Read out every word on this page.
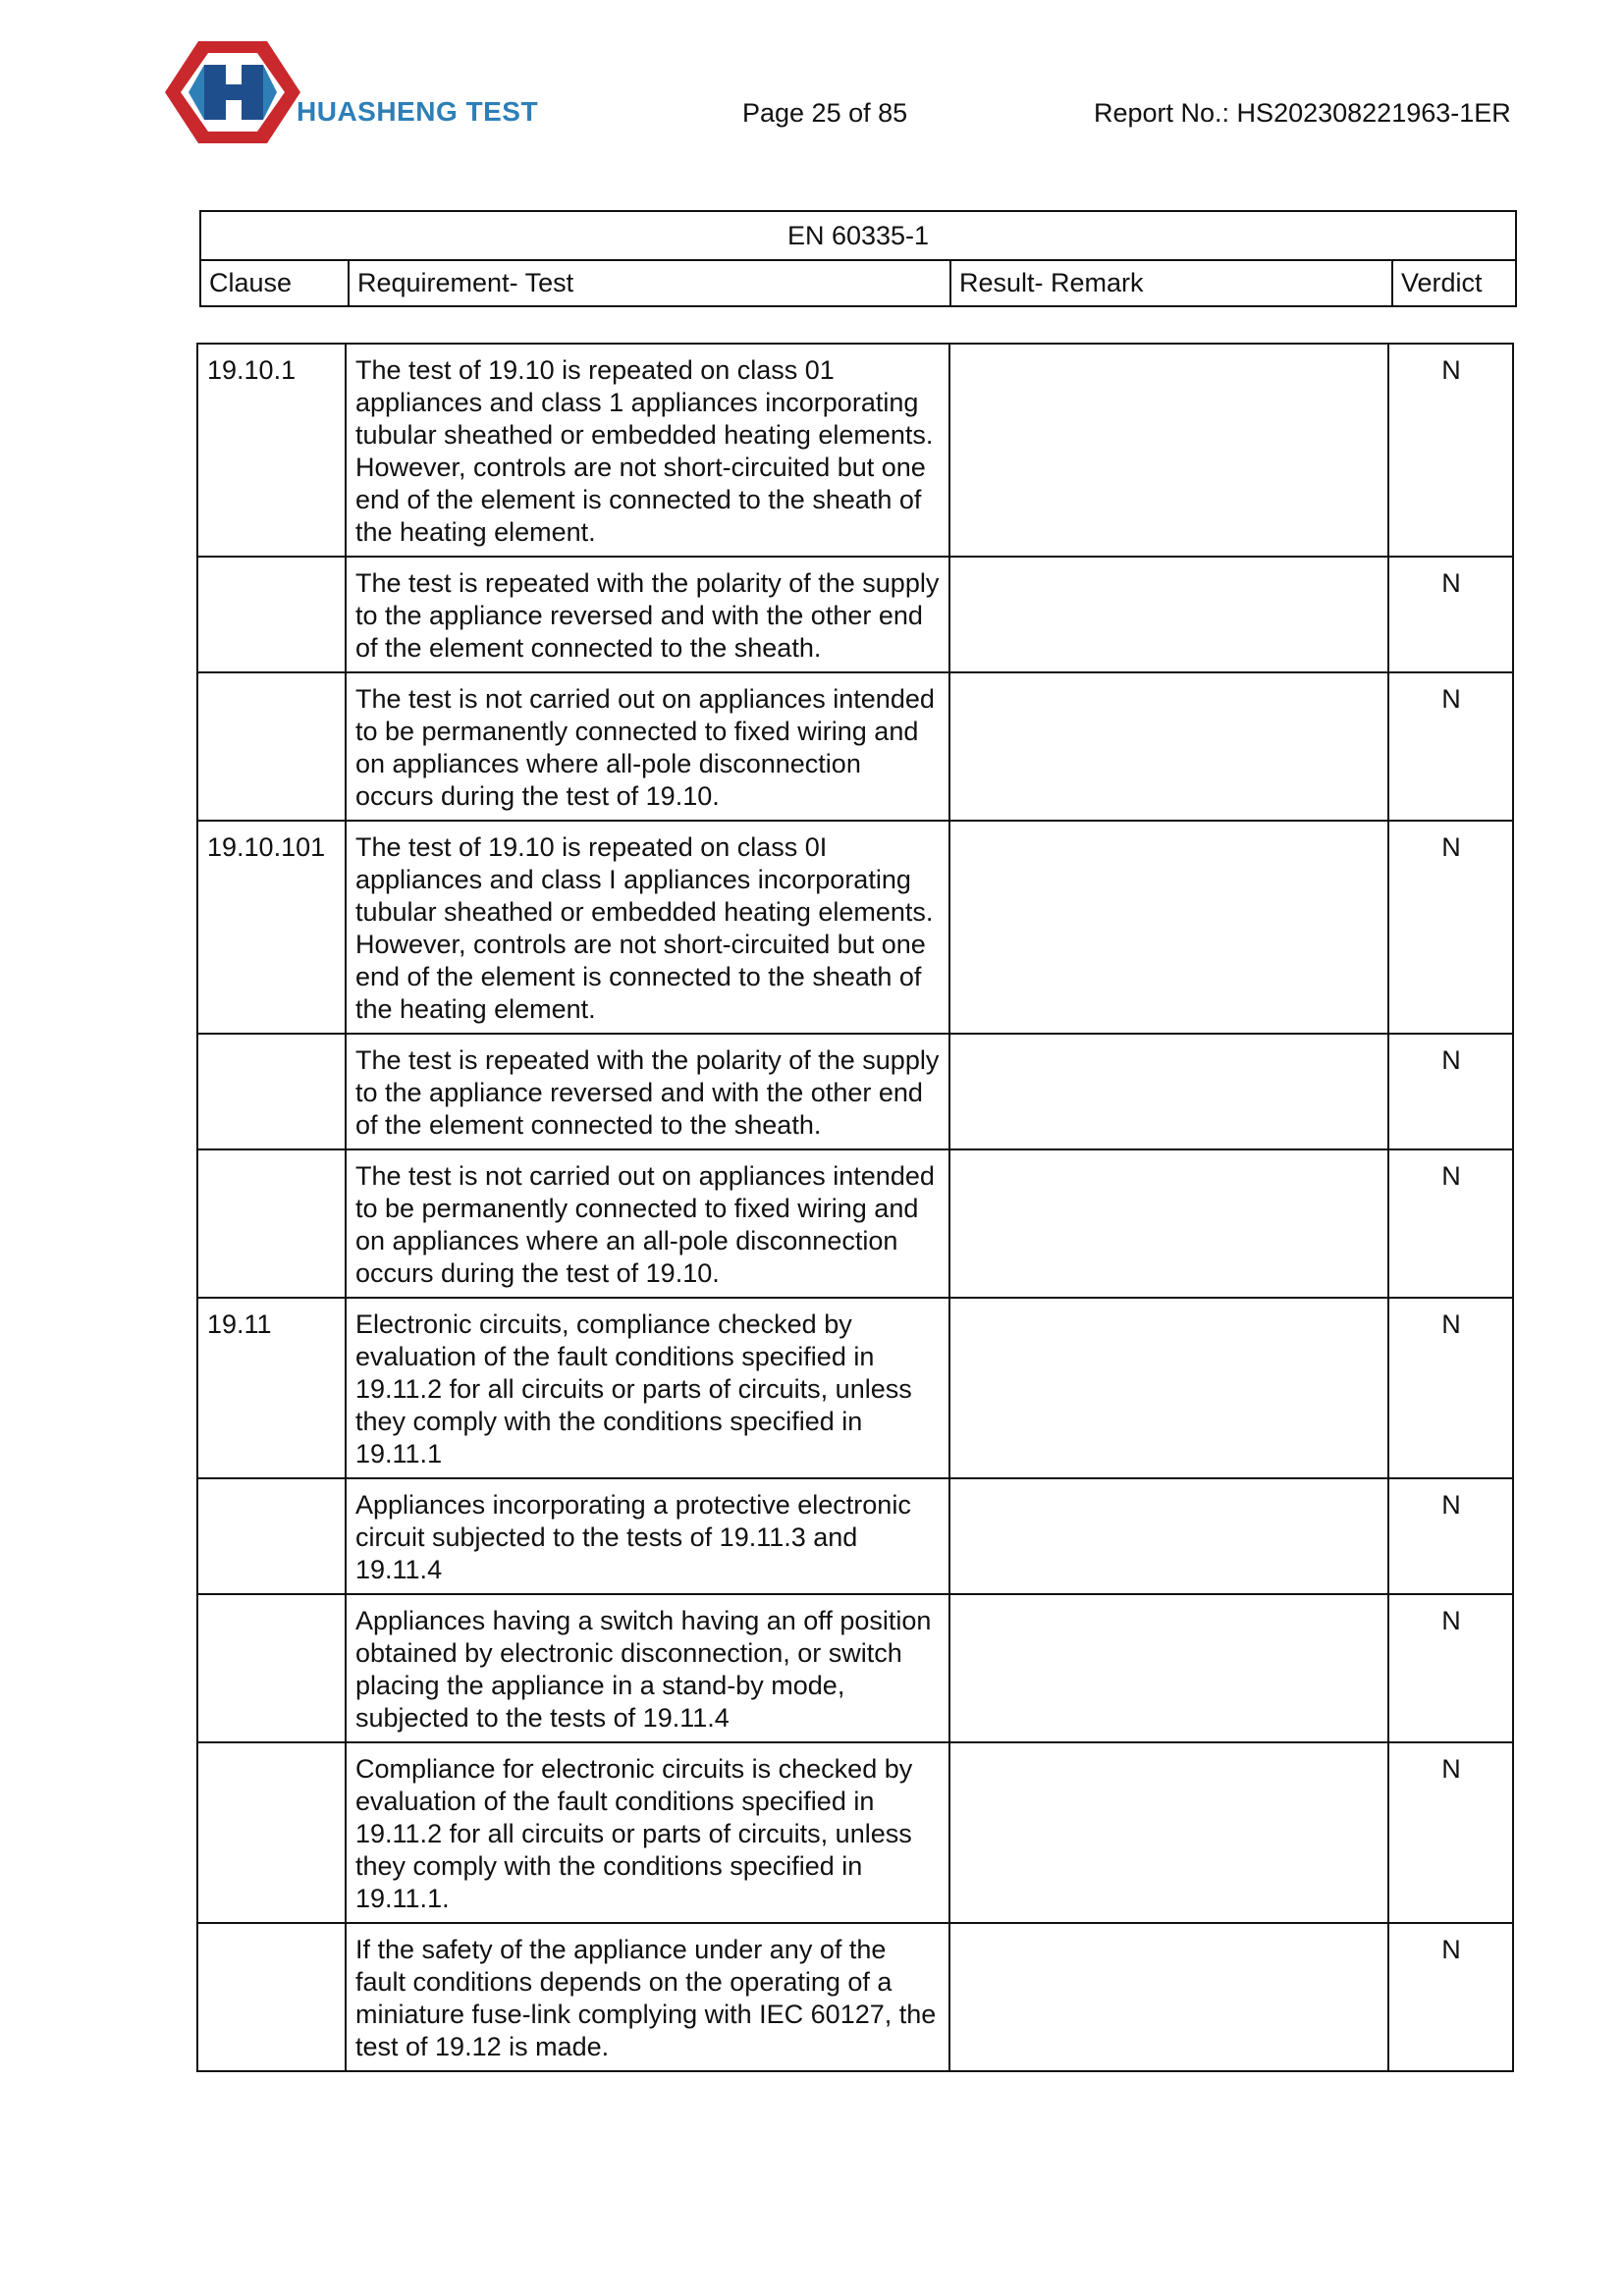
HUASHENG TEST	Page 25 of 85	Report No.: HS202308221963-1ER
EN 60335-1
Clause	Requirement- Test	Result- Remark	Verdict
19.10.1	The test of 19.10 is repeated on class 01 appliances and class 1 appliances incorporating tubular sheathed or embedded heating elements. However, controls are not short-circuited but one end of the element is connected to the sheath of the heating element.		N
	The test is repeated with the polarity of the supply to the appliance reversed and with the other end of the element connected to the sheath.		N
	The test is not carried out on appliances intended to be permanently connected to fixed wiring and on appliances where all-pole disconnection occurs during the test of 19.10.		N
19.10.101	The test of 19.10 is repeated on class 0I appliances and class I appliances incorporating tubular sheathed or embedded heating elements. However, controls are not short-circuited but one end of the element is connected to the sheath of the heating element.		N
	The test is repeated with the polarity of the supply to the appliance reversed and with the other end of the element connected to the sheath.		N
	The test is not carried out on appliances intended to be permanently connected to fixed wiring and on appliances where an all-pole disconnection occurs during the test of 19.10.		N
19.11	Electronic circuits, compliance checked by evaluation of the fault conditions specified in 19.11.2 for all circuits or parts of circuits, unless they comply with the conditions specified in 19.11.1		N
	Appliances incorporating a protective electronic circuit subjected to the tests of 19.11.3 and 19.11.4		N
	Appliances having a switch having an off position obtained by electronic disconnection, or switch placing the appliance in a stand-by mode, subjected to the tests of 19.11.4		N
	Compliance for electronic circuits is checked by evaluation of the fault conditions specified in 19.11.2 for all circuits or parts of circuits, unless they comply with the conditions specified in 19.11.1.		N
	If the safety of the appliance under any of the fault conditions depends on the operating of a miniature fuse-link complying with IEC 60127, the test of 19.12 is made.		N
